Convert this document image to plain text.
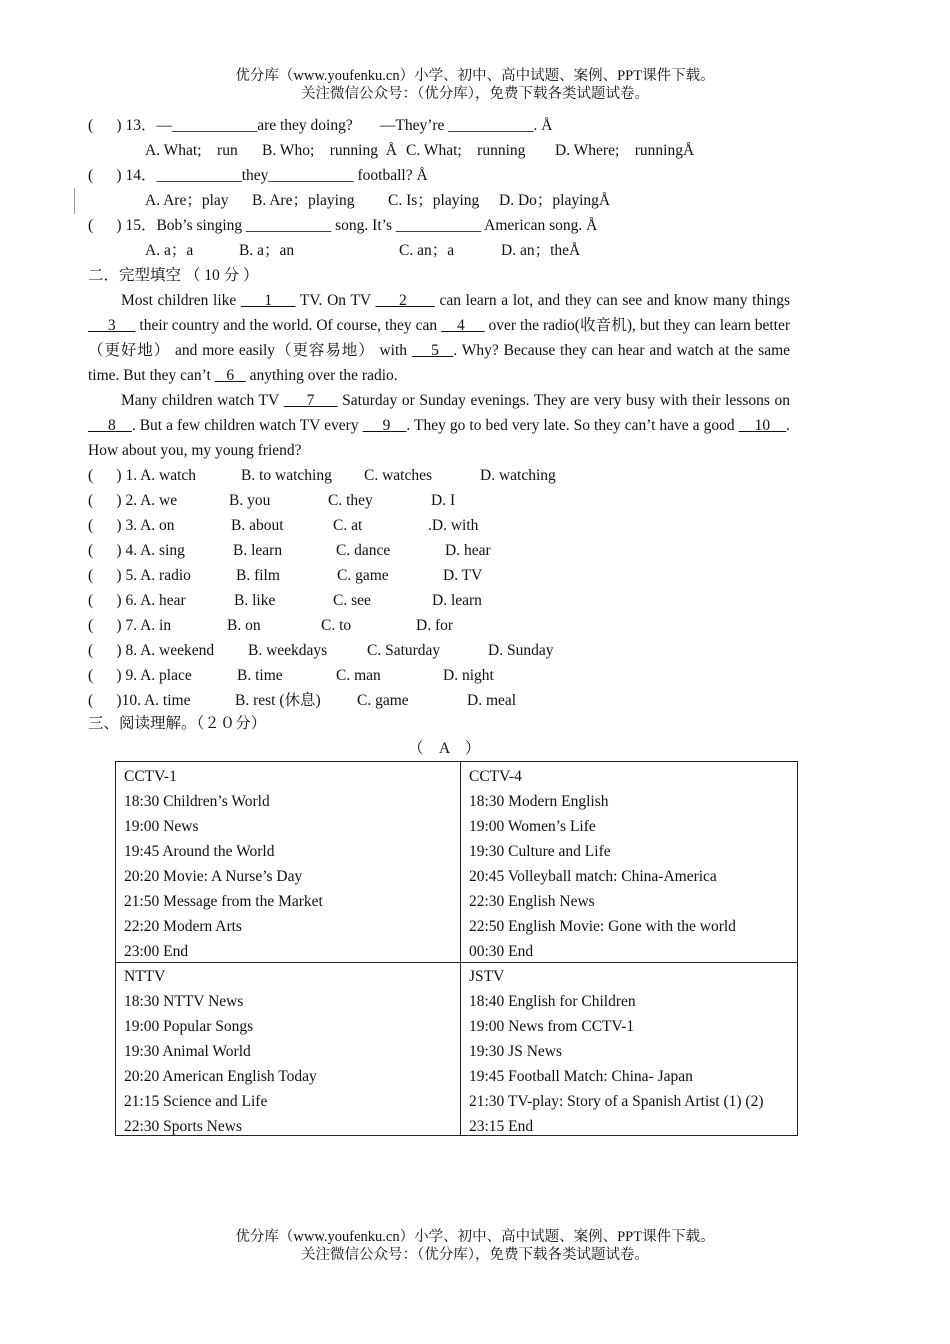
优分库（www.youfenku.cn）小学、初中、高中试题、案例、PPT课件下载。
关注微信公众号：（优分库），免费下载各类试题试卷。
(      ) 13．—___________are they doing?       —They’re ___________. Å
A. What;    run B. Who;    running  Å C. What;    running D. Where;    runningÅ
(      ) 14．___________they___________ football? Å
A. Are；play B. Are；playing C. Is；playing D. Do；playingÅ
(      ) 15．Bob’s singing ___________ song. It’s ___________ American song. Å
A. a；a	B. a；an	C. an；a	D. an；theÅ
二．完型填空 （ 10 分 ）

Most children like      1      TV. On TV      2       can learn a lot, and they can see and know many things      3      their country and the world. Of course, they can     4      over the radio(收音机), but they can learn better（更好地） and more easily（更容易地） with     5 . Why? Because they can hear and watch at the same time. But they can’t    6    anything over the radio.

Many children watch TV      7      Saturday or Sunday evenings. They are very busy with their lessons on      8 . But a few children watch TV every      9 . They go to bed very late. So they can’t have a good     10 . How about you, my young friend?

(      ) 1. A. watch	B. to watching C. watches	D. watching
(      ) 2. A. we	B. you	C. they	D. I
(      ) 3. A. on	B. about	C. at	.D. with
(      ) 4. A. sing	B. learn	C. dance	D. hear
(      ) 5. A. radio	B. film	C. game	D. TV
(      ) 6. A. hear	B. like	C. see	D. learn
(      ) 7. A. in	B. on	C. to	D. for
(      ) 8. A. weekend B. weekdays	C. Saturday	D. Sunday
(      ) 9. A. place	B. time	C. man	D. night
(      )10. A. time	B. rest (休息) C. game	D. meal
三、阅读理解。（２０分）
（　A　）
CCTV-1
18:30 Children’s World
19:00 News
19:45 Around the World
20:20 Movie: A Nurse’s Day
21:50 Message from the Market
22:20 Modern Arts
23:00 End
CCTV-4
18:30 Modern English
19:00 Women’s Life
19:30 Culture and Life
20:45 Volleyball match: China-America
22:30 English News
22:50 English Movie: Gone with the world
00:30 End
NTTV
18:30 NTTV News
19:00 Popular Songs
19:30 Animal World
20:20 American English Today
21:15 Science and Life
22:30 Sports News
JSTV
18:40 English for Children
19:00 News from CCTV-1
19:30 JS News
19:45 Football Match: China- Japan
21:30 TV-play: Story of a Spanish Artist (1) (2)
23:15 End
优分库（www.youfenku.cn）小学、初中、高中试题、案例、PPT课件下载。
关注微信公众号：（优分库），免费下载各类试题试卷。
